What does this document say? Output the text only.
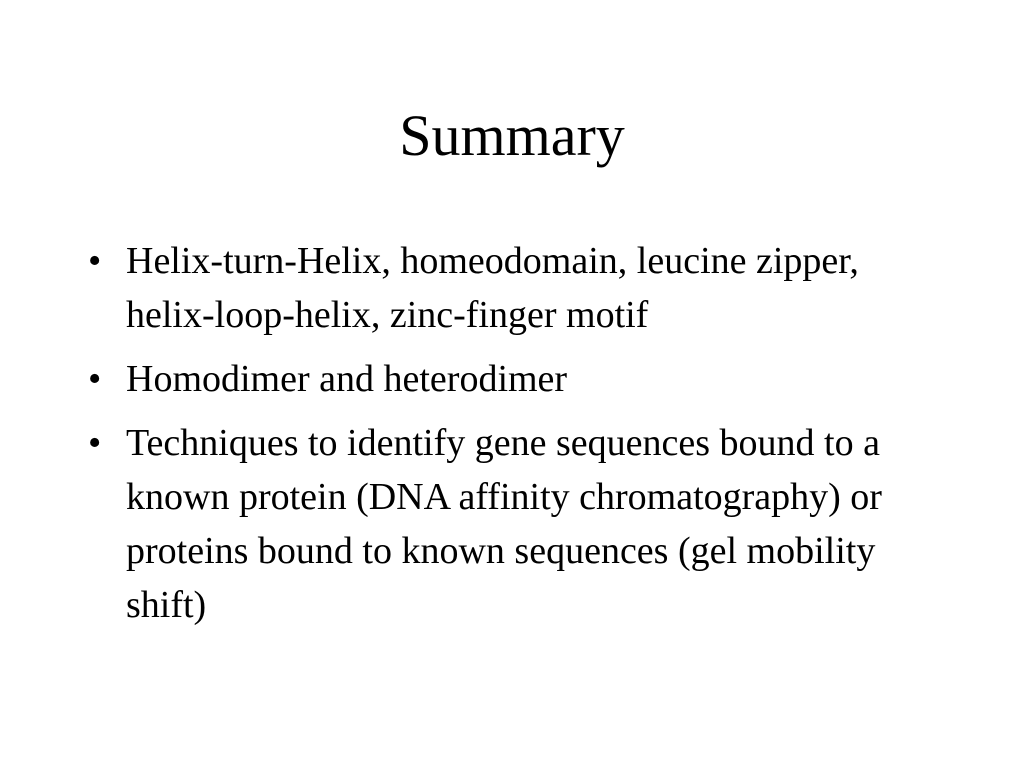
Summary
• Helix-turn-Helix, homeodomain, leucine zipper, helix-loop-helix, zinc-finger motif
• Homodimer and heterodimer
• Techniques to identify gene sequences bound to a known protein (DNA affinity chromatography) or proteins bound to known sequences (gel mobility shift)
